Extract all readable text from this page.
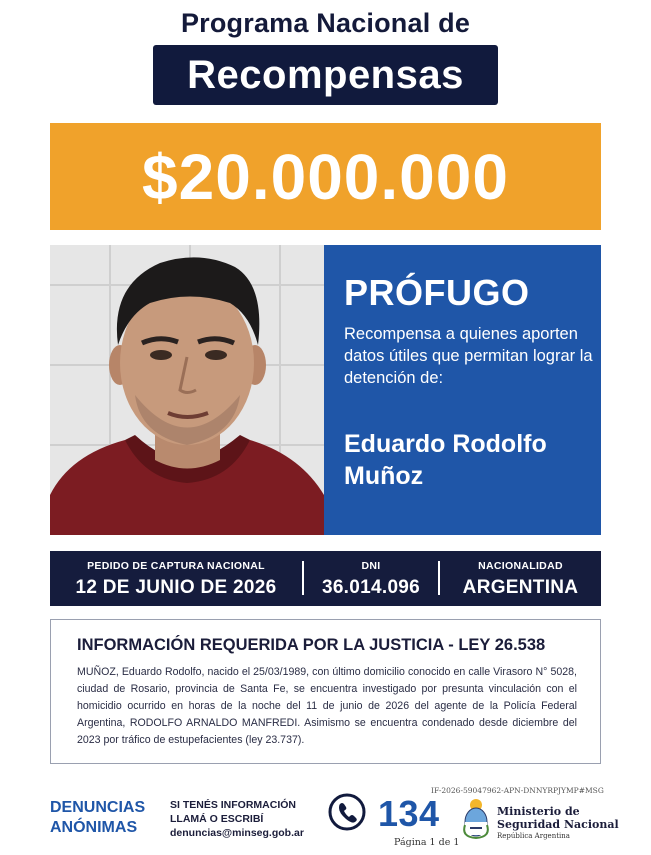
Programa Nacional de
Recompensas
$20.000.000
PRÓFUGO
Recompensa a quienes aporten datos útiles que permitan lograr la detención de:
Eduardo Rodolfo
Muñoz
PEDIDO DE CAPTURA NACIONAL
12 DE JUNIO DE 2026
DNI
36.014.096
NACIONALIDAD
ARGENTINA
INFORMACIÓN REQUERIDA POR LA JUSTICIA - LEY 26.538
MUÑOZ, Eduardo Rodolfo, nacido el 25/03/1989, con último domicilio conocido en calle Virasoro N° 5028, ciudad de Rosario, provincia de Santa Fe, se encuentra investigado por presunta vinculación con el homicidio ocurrido en horas de la noche del 11 de junio de 2026 del agente de la Policía Federal Argentina, RODOLFO ARNALDO MANFREDI. Asimismo se encuentra condenado desde diciembre del 2023 por tráfico de estupefacientes (ley 23.737).
IF-2026-59047962-APN-DNNYRPJYMP#MSG
DENUNCIAS
ANÓNIMAS
SI TENÉS INFORMACIÓN
LLAMÁ O ESCRIBÍ
denuncias@minseg.gob.ar 134
Página 1 de 1
Ministerio de
Seguridad Nacional
República Argentina
